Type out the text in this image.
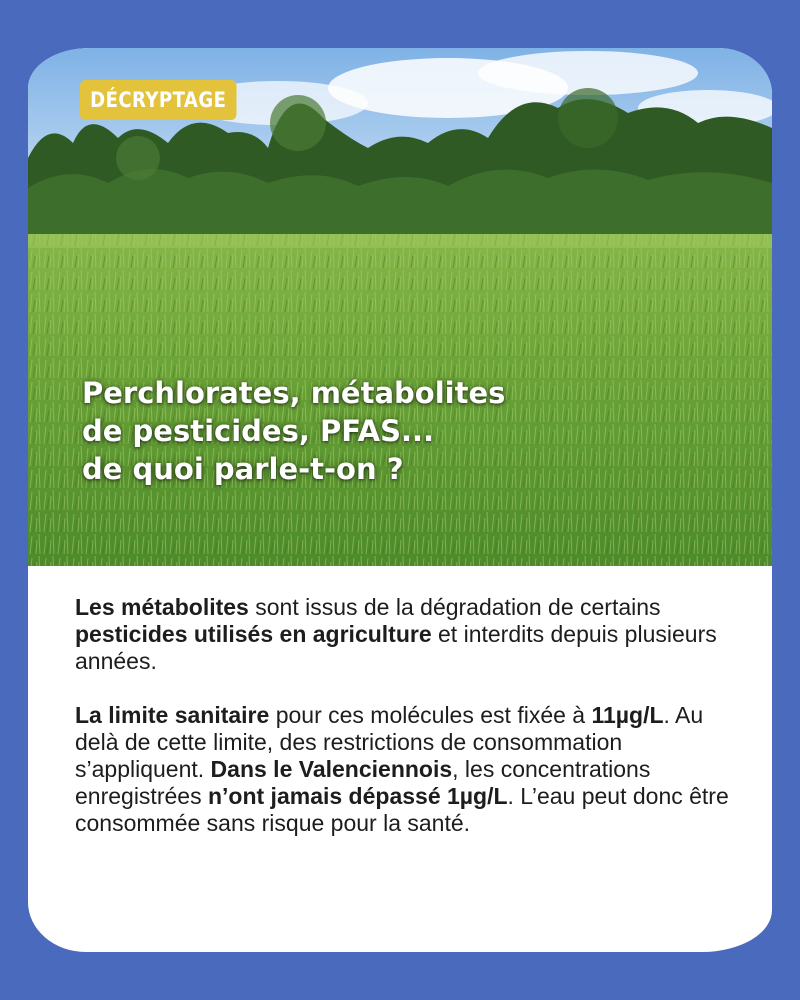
DÉCRYPTAGE
Perchlorates, métabolites
de pesticides, PFAS...
de quoi parle-t-on ?

Les métabolites sont issus de la dégradation de certains pesticides utilisés en agriculture et interdits depuis plusieurs années.

La limite sanitaire pour ces molécules est fixée à 11µg/L. Au delà de cette limite, des restrictions de consommation s’appliquent. Dans le Valenciennois, les concentrations enregistrées n’ont jamais dépassé 1µg/L. L’eau peut donc être consommée sans risque pour la santé.
